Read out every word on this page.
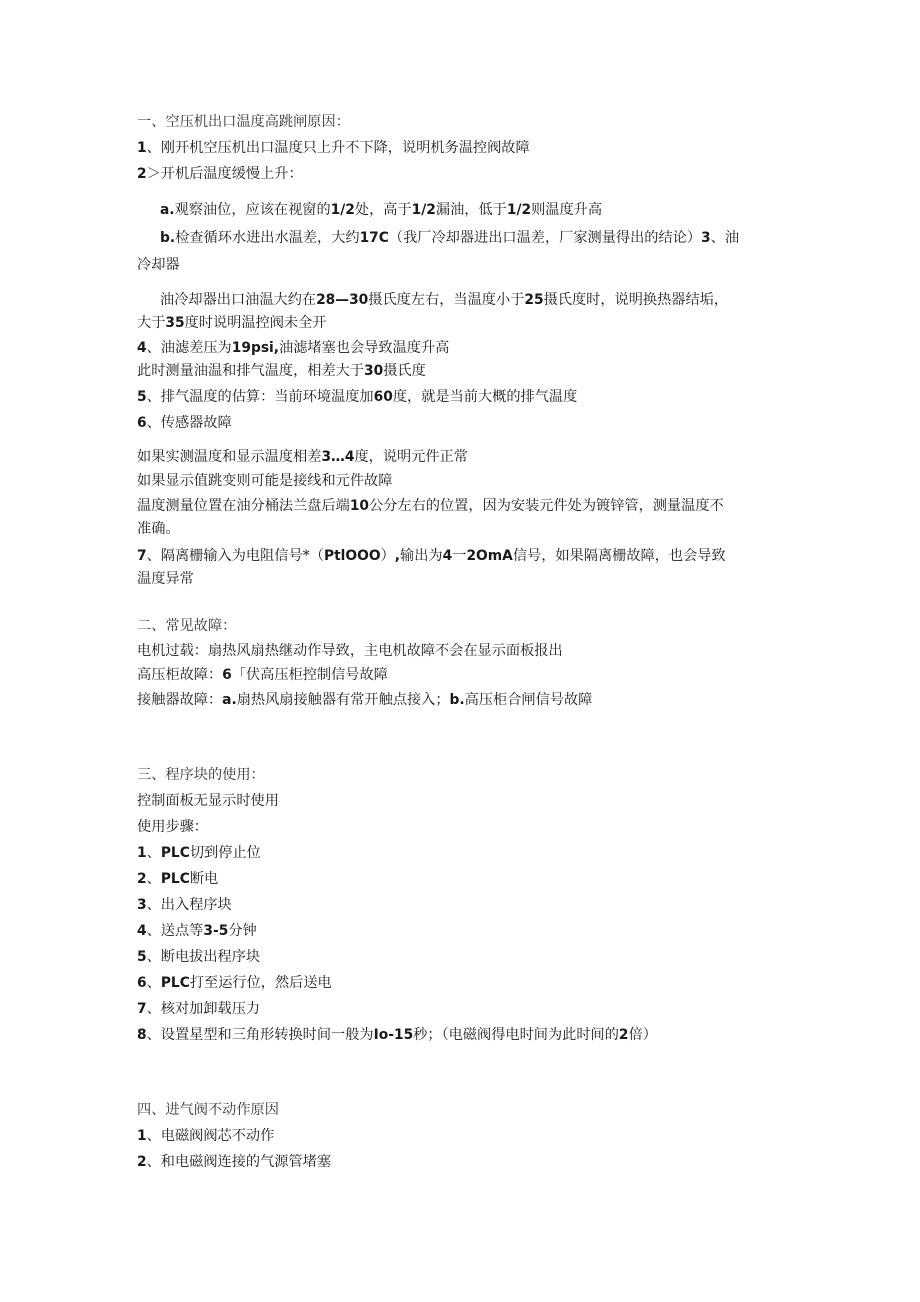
一、空压机出口温度高跳闸原因：
1、刚开机空压机出口温度只上升不下降，说明机务温控阀故障
2＞开机后温度缓慢上升：
a.观察油位，应该在视窗的1/2处，高于1/2漏油，低于1/2则温度升高
b.检查循环水进出水温差，大约17C（我厂冷却器进出口温差，厂家测量得出的结论）3、油
冷却器
油冷却器出口油温大约在28—30摄氏度左右，当温度小于25摄氏度时，说明换热器结垢，
大于35度时说明温控阀未全开
4、油滤差压为19psi,油滤堵塞也会导致温度升高
此时测量油温和排气温度，相差大于30摄氏度
5、排气温度的估算：当前环境温度加60度，就是当前大概的排气温度
6、传感器故障
如果实测温度和显示温度相差3…4度，说明元件正常
如果显示值跳变则可能是接线和元件故障
温度测量位置在油分桶法兰盘后端10公分左右的位置，因为安装元件处为镀锌管，测量温度不
准确。
7、隔离栅输入为电阻信号*（PtlOOO）,输出为4一2OmA信号，如果隔离栅故障，也会导致
温度异常
二、常见故障：
电机过载：扇热风扇热继动作导致，主电机故障不会在显示面板报出
高压柜故障：6「伏高压柜控制信号故障
接触器故障：a.扇热风扇接触器有常开触点接入；b.高压柜合闸信号故障
三、程序块的使用：
控制面板无显示时使用
使用步骤：
1、PLC切到停止位
2、PLC断电
3、出入程序块
4、送点等3-5分钟
5、断电拔出程序块
6、PLC打至运行位，然后送电
7、核对加卸载压力
8、设置星型和三角形转换时间一般为Io-15秒；（电磁阀得电时间为此时间的2倍）
四、进气阀不动作原因
1、电磁阀阀芯不动作
2、和电磁阀连接的气源管堵塞
